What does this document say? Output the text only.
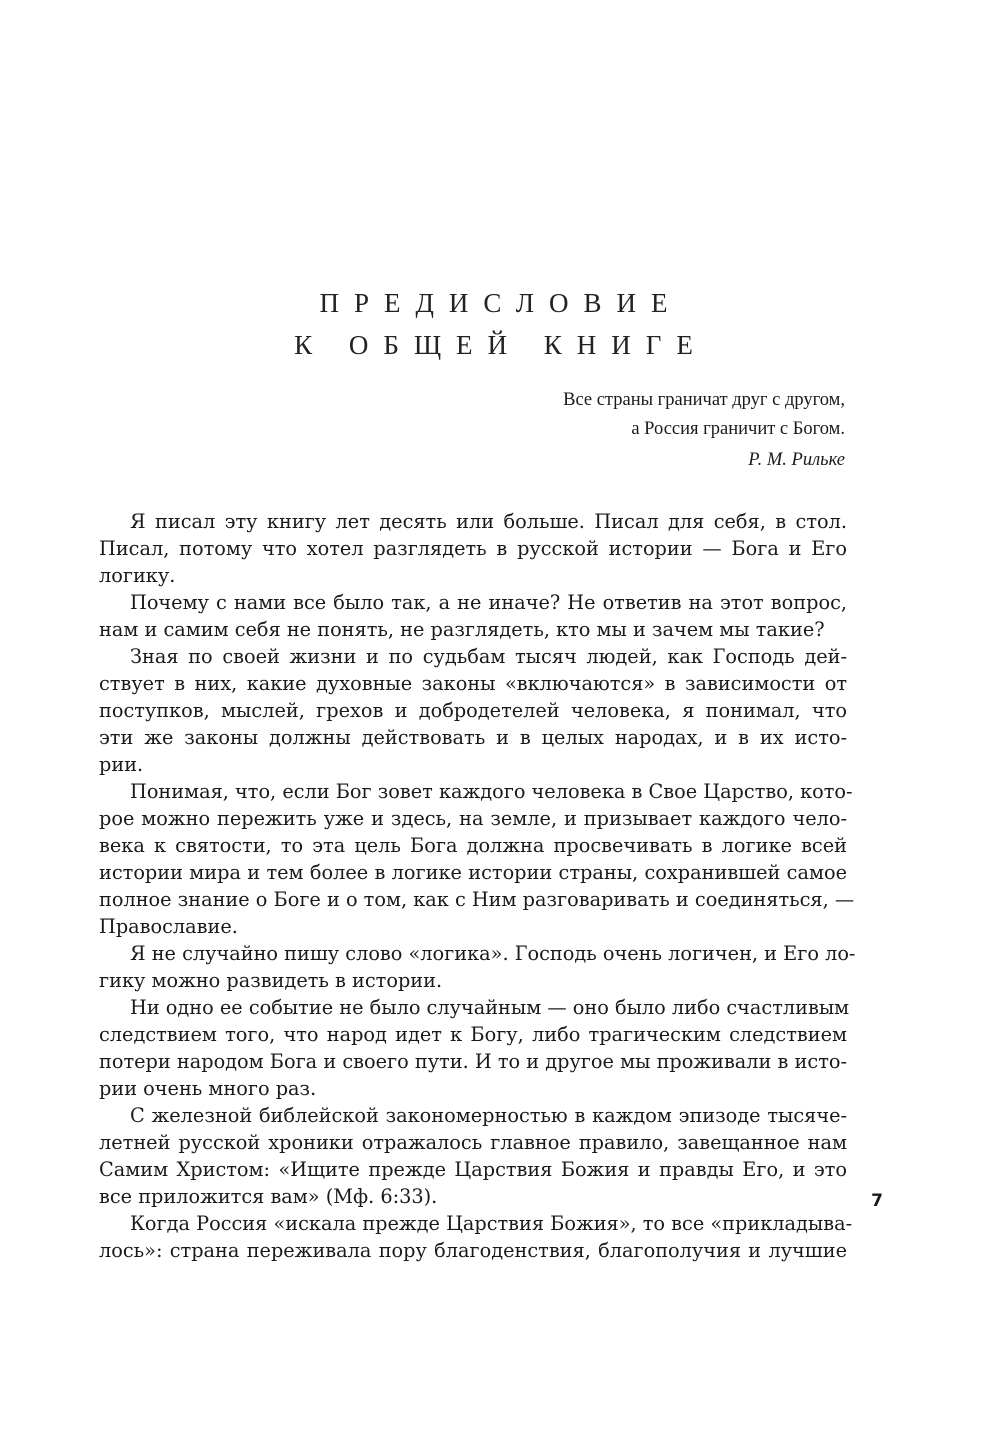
ПРЕДИСЛОВИЕ
К ОБЩЕЙ КНИГЕ
Все страны граничат друг с другом,
а Россия граничит с Богом.
Р. М. Рильке
Я писал эту книгу лет десять или больше. Писал для себя, в стол.
Писал, потому что хотел разглядеть в русской истории — Бога и Его
логику.
Почему с нами все было так, а не иначе? Не ответив на этот вопрос,
нам и самим себя не понять, не разглядеть, кто мы и зачем мы такие?
Зная по своей жизни и по судьбам тысяч людей, как Господь дей-
ствует в них, какие духовные законы «включаются» в зависимости от
поступков, мыслей, грехов и добродетелей человека, я понимал, что
эти же законы должны действовать и в целых народах, и в их исто-
рии.
Понимая, что, если Бог зовет каждого человека в Свое Царство, кото-
рое можно пережить уже и здесь, на земле, и призывает каждого чело-
века к святости, то эта цель Бога должна просвечивать в логике всей
истории мира и тем более в логике истории страны, сохранившей самое
полное знание о Боге и о том, как с Ним разговаривать и соединяться, —
Православие.
Я не случайно пишу слово «логика». Господь очень логичен, и Его ло-
гику можно развидеть в истории.
Ни одно ее событие не было случайным — оно было либо счастливым
следствием того, что народ идет к Богу, либо трагическим следствием
потери народом Бога и своего пути. И то и другое мы проживали в исто-
рии очень много раз.
С железной библейской закономерностью в каждом эпизоде тысяче-
летней русской хроники отражалось главное правило, завещанное нам
Самим Христом: «Ищите прежде Царствия Божия и правды Его, и это
все приложится вам» (Мф. 6:33).
Когда Россия «искала прежде Царствия Божия», то все «прикладыва-
лось»: страна переживала пору благоденствия, благополучия и лучшие
7
